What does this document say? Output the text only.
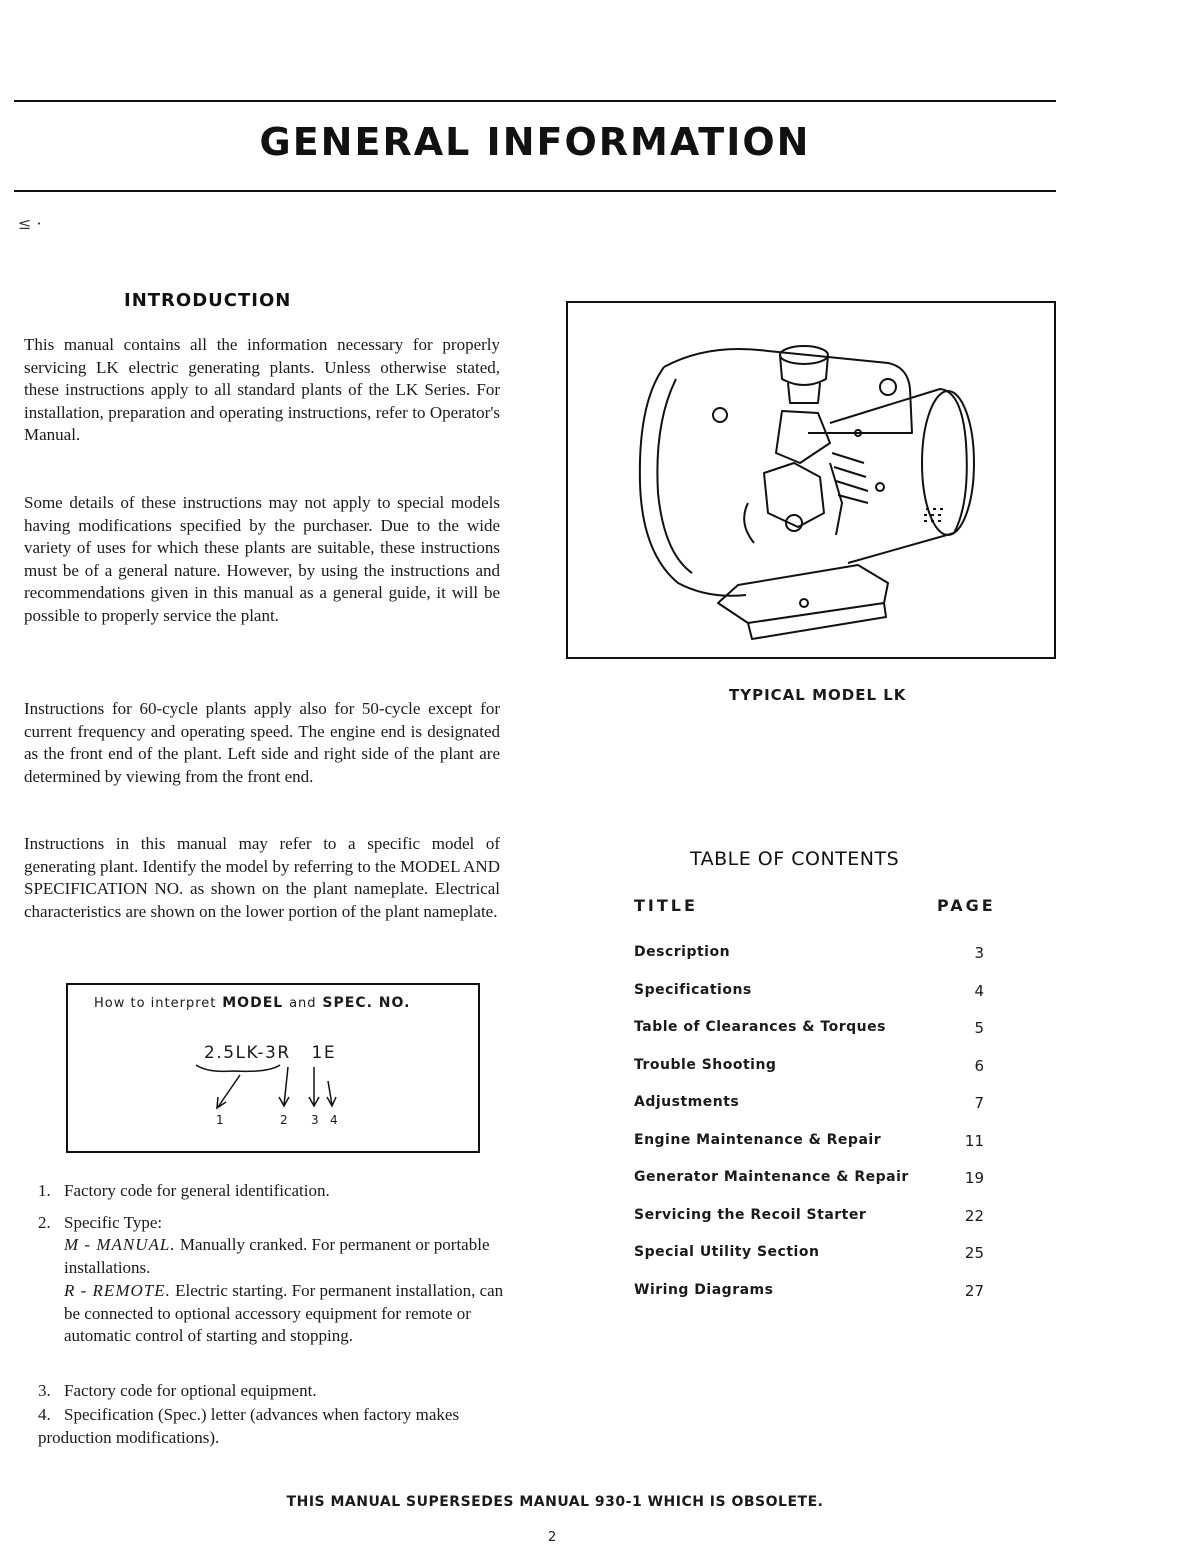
GENERAL INFORMATION
≤ ·
INTRODUCTION

This manual contains all the information necessary for properly servicing LK electric generating plants. Unless otherwise stated, these instructions apply to all standard plants of the LK Series. For installation, preparation and operating instructions, refer to Operator's Manual.

Some details of these instructions may not apply to special models having modifications specified by the purchaser. Due to the wide variety of uses for which these plants are suitable, these instructions must be of a general nature. However, by using the instructions and recommendations given in this manual as a general guide, it will be possible to properly service the plant.

Instructions for 60-cycle plants apply also for 50-cycle except for current frequency and operating speed. The engine end is designated as the front end of the plant. Left side and right side of the plant are determined by viewing from the front end.

Instructions in this manual may refer to a specific model of generating plant. Identify the model by referring to the MODEL AND SPECIFICATION NO. as shown on the plant nameplate. Electrical characteristics are shown on the lower portion of the plant nameplate.

How to interpret MODEL and SPEC. NO.
2.5LK-3R 1E
1	2 3 4

1. Factory code for general identification.

2. Specific Type:

M - MANUAL. Manually cranked. For permanent or portable installations.

R - REMOTE. Electric starting. For permanent installation, can be connected to optional accessory equipment for remote or automatic control of starting and stopping.

3. Factory code for optional equipment.

4. Specification (Spec.) letter (advances when factory makes production modifications).

TYPICAL MODEL LK
TABLE OF CONTENTS
TITLE	PAGE
Description	3
Specifications	4
Table of Clearances & Torques	5
Trouble Shooting	6
Adjustments	7
Engine Maintenance & Repair	11
Generator Maintenance & Repair	19
Servicing the Recoil Starter	22
Special Utility Section	25
Wiring Diagrams	27
THIS MANUAL SUPERSEDES MANUAL 930-1 WHICH IS OBSOLETE.
2
